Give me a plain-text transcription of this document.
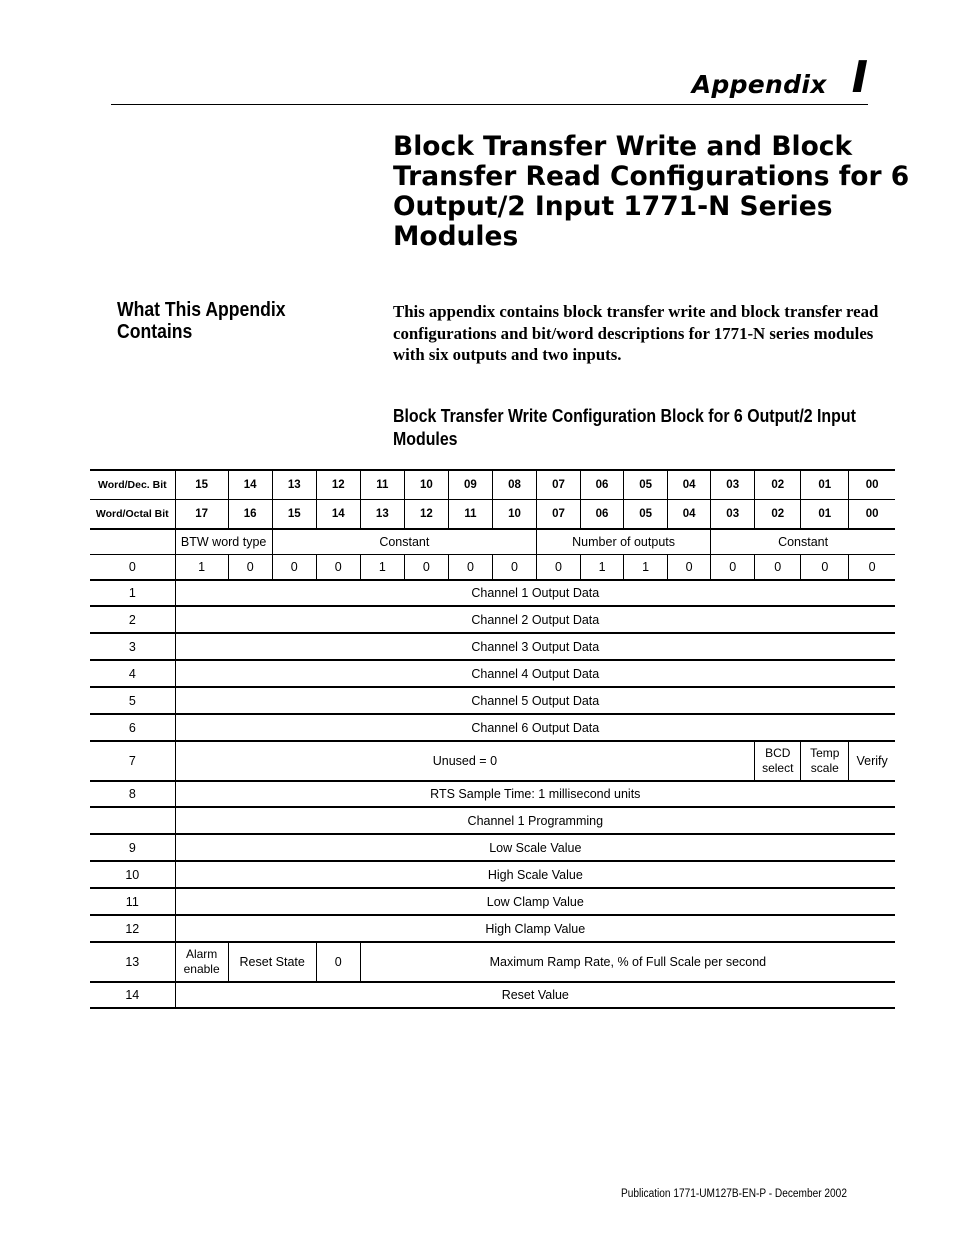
Appendix I
Block Transfer Write and Block Transfer Read Configurations for 6 Output/2 Input 1771-N Series Modules
What This Appendix Contains
This appendix contains block transfer write and block transfer read configurations and bit/word descriptions for 1771-N series modules with six outputs and two inputs.
Block Transfer Write Configuration Block for 6 Output/2 Input Modules
Word/Dec. Bit	15	14	13	12	11	10	09	08	07	06	05	04	03	02	01	00
Word/Octal Bit	17	16	15	14	13	12	11	10	07	06	05	04	03	02	01	00
	BTW word type		Constant						Number of outputs				Constant			
0	1	0	0	0	1	0	0	0	0	1	1	0	0	0	0	0
1	Channel 1 Output Data															
2	Channel 2 Output Data															
3	Channel 3 Output Data															
4	Channel 4 Output Data															
5	Channel 5 Output Data															
6	Channel 6 Output Data															
7	Unused = 0													BCD select	Temp scale	Verify
8	RTS Sample Time: 1 millisecond units															
	Channel 1 Programming															
9	Low Scale Value															
10	High Scale Value															
11	Low Clamp Value															
12	High Clamp Value															
13	Alarm enable	Reset State		0	Maximum Ramp Rate, % of Full Scale per second											
14	Reset Value															
Publication 1771-UM127B-EN-P - December 2002
